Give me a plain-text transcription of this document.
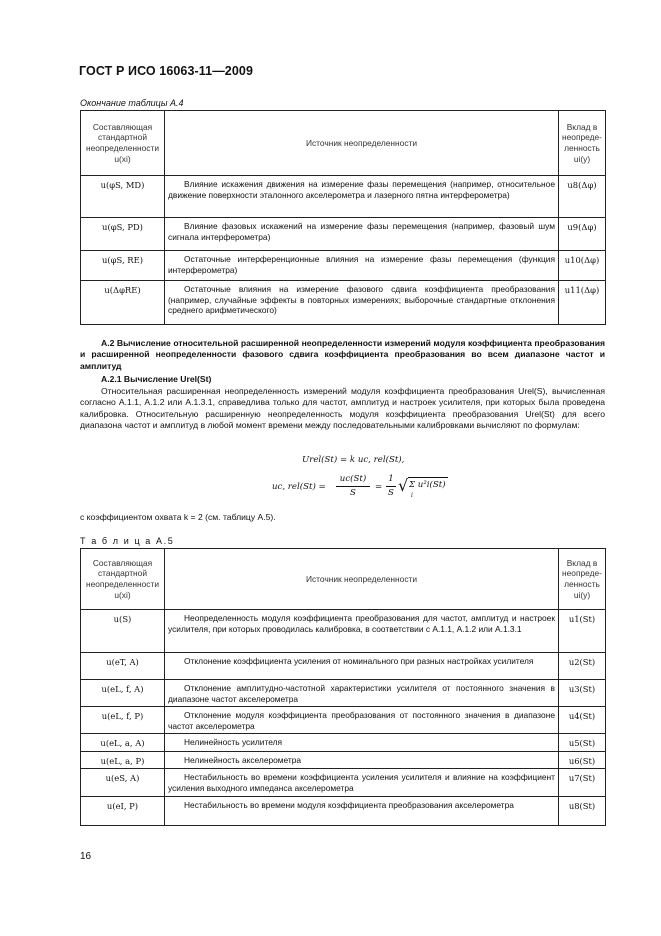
ГОСТ Р ИСО 16063-11—2009
Окончание таблицы А.4
Составляющая стандартной неопределенности u(xi)	Источник неопределенности	Вклад в неопреде-ленность ui(y)
u(φS, MD)	Влияние искажения движения на измерение фазы перемещения (например, относительное движение поверхности эталонного акселерометра и лазерного пятна интерферометра)	u8(Δφ)
u(φS, PD)	Влияние фазовых искажений на измерение фазы перемещения (например, фазовый шум сигнала интерферометра)	u9(Δφ)
u(φS, RE)	Остаточные интерференционные влияния на измерение фазы перемещения (функция интерферометра)	u10(Δφ)
u(ΔφRE)	Остаточные влияния на измерение фазового сдвига коэффициента преобразования (например, случайные эффекты в повторных измерениях; выборочные стандартные отклонения среднего арифметического)	u11(Δφ)
А.2 Вычисление относительной расширенной неопределенности измерений модуля коэффициента преобразования и расширенной неопределенности фазового сдвига коэффициента преобразования во всем диапазоне частот и амплитуд
А.2.1 Вычисление Urel(St)
Относительная расширенная неопределенность измерений модуля коэффициента преобразования Urel(S), вычисленная согласно А.1.1, А.1.2 или А.1.3.1, справедлива только для частот, амплитуд и настроек усилителя, при которых была проведена калибровка. Относительную расширенную неопределенность модуля коэффициента преобразования Urel(St) для всего диапазона частот и амплитуд в любой момент времени между последовательными калибровками вычисляют по формулам:
Urel(St) = k uc, rel(St),
uc, rel(St) =
uc(St)
S
=
1
S √ Σ u²i(St)
i
с коэффициентом охвата k = 2 (см. таблицу А.5).
Т а б л и ц а А.5
Составляющая стандартной неопределенности u(xi)	Источник неопределенности	Вклад в неопреде-ленность ui(y)
u(S)	Неопределенность модуля коэффициента преобразования для частот, амплитуд и настроек усилителя, при которых проводилась калибровка, в соответствии с А.1.1, А.1.2 или А.1.3.1	u1(St)
u(eT, A)	Отклонение коэффициента усиления от номинального при разных настройках усилителя	u2(St)
u(eL, f, A)	Отклонение амплитудно-частотной характеристики усилителя от постоянного значения в диапазоне частот акселерометра	u3(St)
u(eL, f, P)	Отклонение модуля коэффициента преобразования от постоянного значения в диапазоне частот акселерометра	u4(St)
u(eL, a, A)	Нелинейность усилителя	u5(St)
u(eL, a, P)	Нелинейность акселерометра	u6(St)
u(eS, A)	Нестабильность во времени коэффициента усиления усилителя и влияние на коэффициент усиления выходного импеданса акселерометра	u7(St)
u(eI, P)	Нестабильность во времени модуля коэффициента преобразования акселерометра	u8(St)
16
